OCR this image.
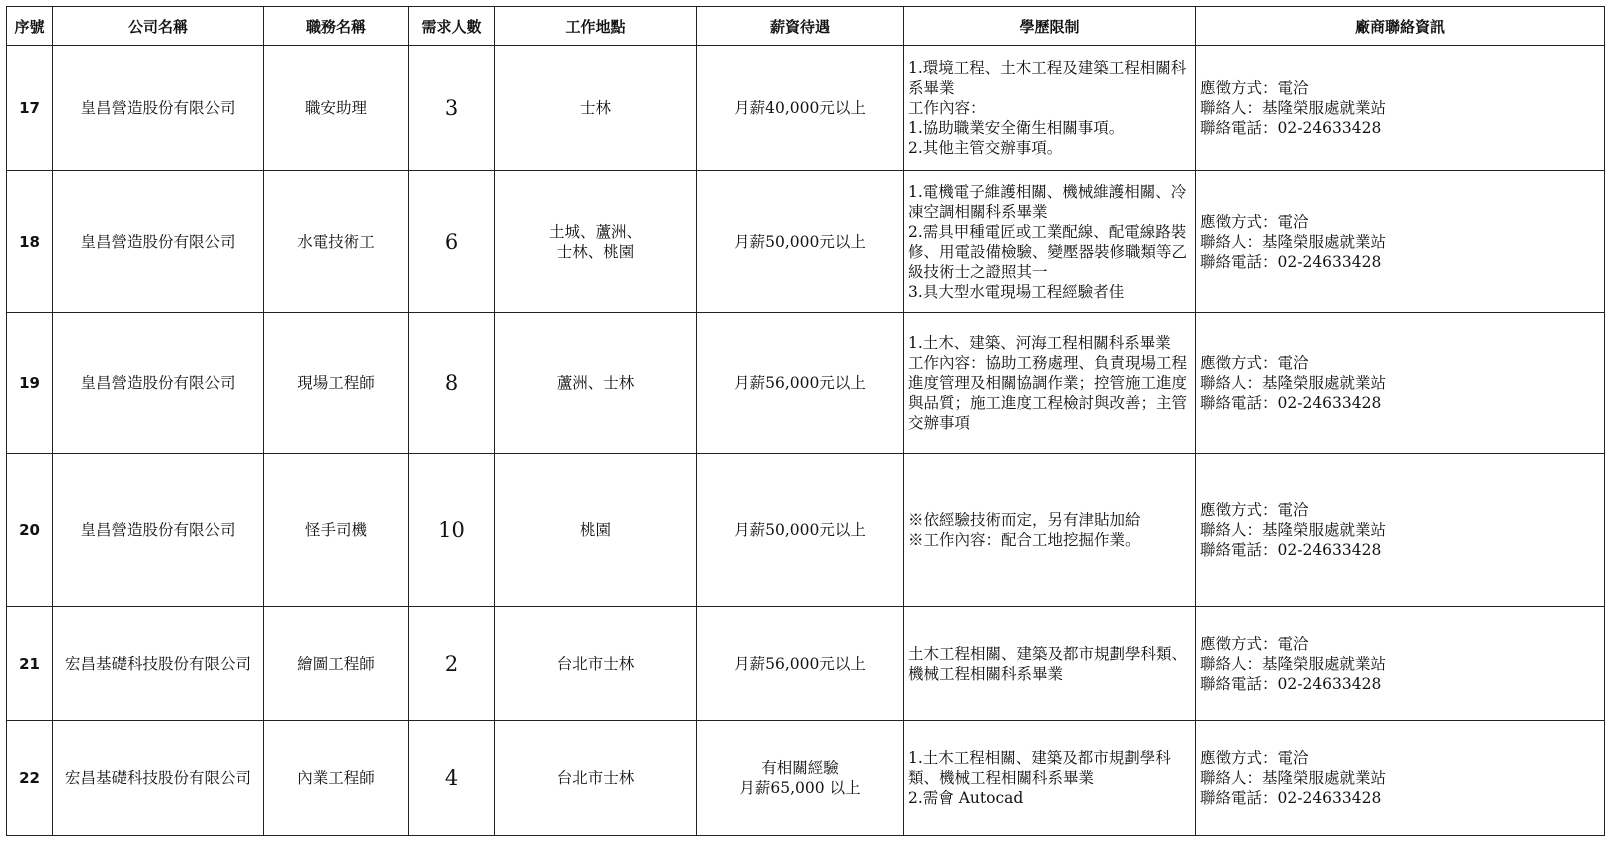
序號	公司名稱	職務名稱	需求人數	工作地點	薪資待遇	學歷限制	廠商聯絡資訊
17	皇昌營造股份有限公司	職安助理	3	士林	月薪40,000元以上	1.環境工程、土木工程及建築工程相關科系畢業
工作內容：
1.協助職業安全衛生相關事項。
2.其他主管交辦事項。	應徵方式：電洽
聯絡人：基隆榮服處就業站
聯絡電話：02-24633428

18	皇昌營造股份有限公司	水電技術工	6	土城、蘆洲、
士林、桃園	月薪50,000元以上	1.電機電子維護相關、機械維護相關、冷凍空調相關科系畢業
2.需具甲種電匠或工業配線、配電線路裝修、用電設備檢驗、變壓器裝修職類等乙級技術士之證照其一
3.具大型水電現場工程經驗者佳	應徵方式：電洽
聯絡人：基隆榮服處就業站
聯絡電話：02-24633428

19	皇昌營造股份有限公司	現場工程師	8	蘆洲、士林	月薪56,000元以上	1.土木、建築、河海工程相關科系畢業
工作內容：協助工務處理、負責現場工程進度管理及相關協調作業；控管施工進度與品質；施工進度工程檢討與改善；主管交辦事項	應徵方式：電洽
聯絡人：基隆榮服處就業站
聯絡電話：02-24633428

20	皇昌營造股份有限公司	怪手司機	10	桃園	月薪50,000元以上	※依經驗技術而定，另有津貼加給
※工作內容：配合工地挖掘作業。	應徵方式：電洽
聯絡人：基隆榮服處就業站
聯絡電話：02-24633428

21	宏昌基礎科技股份有限公司	繪圖工程師	2	台北市士林	月薪56,000元以上	土木工程相關、建築及都市規劃學科類、機械工程相關科系畢業	應徵方式：電洽
聯絡人：基隆榮服處就業站
聯絡電話：02-24633428

22	宏昌基礎科技股份有限公司	內業工程師	4	台北市士林	有相關經驗
月薪65,000 以上	1.土木工程相關、建築及都市規劃學科類、機械工程相關科系畢業
2.需會 Autocad	應徵方式：電洽
聯絡人：基隆榮服處就業站
聯絡電話：02-24633428
